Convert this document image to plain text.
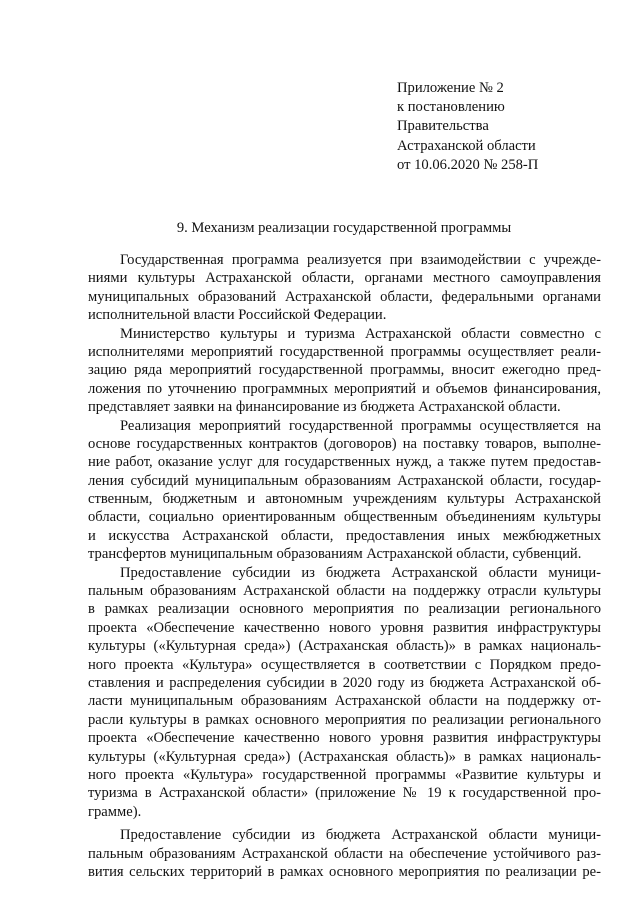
Приложение № 2
к постановлению
Правительства
Астраханской области
от 10.06.2020 № 258-П
9. Механизм реализации государственной программы
Государственная программа реализуется при взаимодействии с учрежде-
ниями культуры Астраханской области, органами местного самоуправления
муниципальных образований Астраханской области, федеральными органами
исполнительной власти Российской Федерации.
Министерство культуры и туризма Астраханской области совместно с
исполнителями мероприятий государственной программы осуществляет реали-
зацию ряда мероприятий государственной программы, вносит ежегодно пред-
ложения по уточнению программных мероприятий и объемов финансирования,
представляет заявки на финансирование из бюджета Астраханской области.
Реализация мероприятий государственной программы осуществляется на
основе государственных контрактов (договоров) на поставку товаров, выполне-
ние работ, оказание услуг для государственных нужд, а также путем предостав-
ления субсидий муниципальным образованиям Астраханской области, государ-
ственным, бюджетным и автономным учреждениям культуры Астраханской
области, социально ориентированным общественным объединениям культуры
и искусства Астраханской области, предоставления иных межбюджетных
трансфертов муниципальным образованиям Астраханской области, субвенций.
Предоставление субсидии из бюджета Астраханской области муници-
пальным образованиям Астраханской области на поддержку отрасли культуры
в рамках реализации основного мероприятия по реализации регионального
проекта «Обеспечение качественно нового уровня развития инфраструктуры
культуры («Культурная среда») (Астраханская область)» в рамках националь-
ного проекта «Культура» осуществляется в соответствии с Порядком предо-
ставления и распределения субсидии в 2020 году из бюджета Астраханской об-
ласти муниципальным образованиям Астраханской области на поддержку от-
расли культуры в рамках основного мероприятия по реализации регионального
проекта «Обеспечение качественно нового уровня развития инфраструктуры
культуры («Культурная среда») (Астраханская область)» в рамках националь-
ного проекта «Культура» государственной программы «Развитие культуры и
туризма в Астраханской области» (приложение № 19 к государственной про-
грамме).
Предоставление субсидии из бюджета Астраханской области муници-
пальным образованиям Астраханской области на обеспечение устойчивого раз-
вития сельских территорий в рамках основного мероприятия по реализации ре-
